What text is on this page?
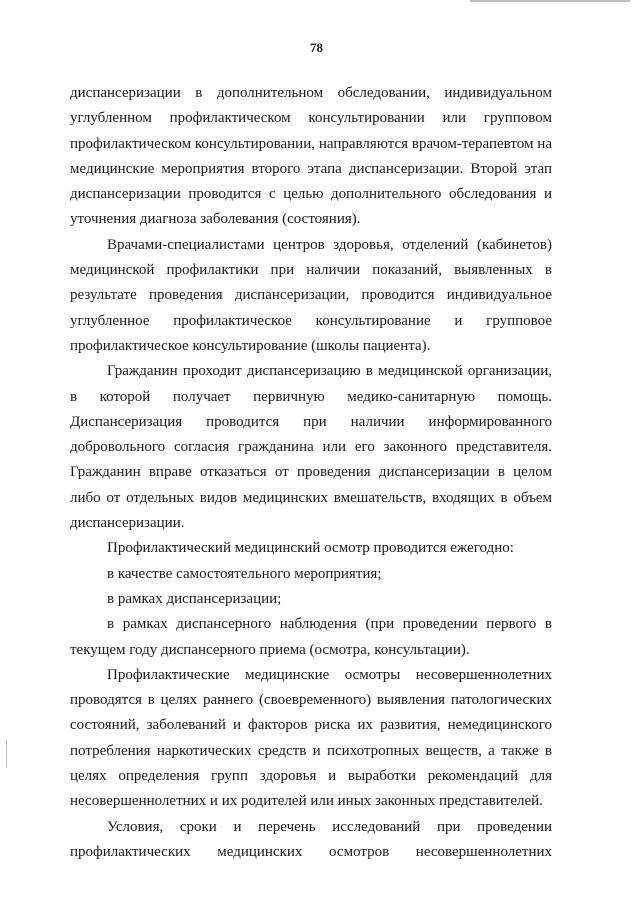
78

диспансеризации в дополнительном обследовании, индивидуальном углубленном профилактическом консультировании или групповом профилактическом консультировании, направляются врачом-терапевтом на медицинские мероприятия второго этапа диспансеризации. Второй этап диспансеризации проводится с целью дополнительного обследования и уточнения диагноза заболевания (состояния).

Врачами-специалистами центров здоровья, отделений (кабинетов) медицинской профилактики при наличии показаний, выявленных в результате проведения диспансеризации, проводится индивидуальное углубленное профилактическое консультирование и групповое профилактическое консультирование (школы пациента).

Гражданин проходит диспансеризацию в медицинской организации, в которой получает первичную медико-санитарную помощь. Диспансеризация проводится при наличии информированного добровольного согласия гражданина или его законного представителя. Гражданин вправе отказаться от проведения диспансеризации в целом либо от отдельных видов медицинских вмешательств, входящих в объем диспансеризации.

Профилактический медицинский осмотр проводится ежегодно:

в качестве самостоятельного мероприятия;

в рамках диспансеризации;

в рамках диспансерного наблюдения (при проведении первого в текущем году диспансерного приема (осмотра, консультации).

Профилактические медицинские осмотры несовершеннолетних проводятся в целях раннего (своевременного) выявления патологических состояний, заболеваний и факторов риска их развития, немедицинского потребления наркотических средств и психотропных веществ, а также в целях определения групп здоровья и выработки рекомендаций для несовершеннолетних и их родителей или иных законных представителей.

Условия, сроки и перечень исследований при проведении профилактических медицинских осмотров несовершеннолетних
